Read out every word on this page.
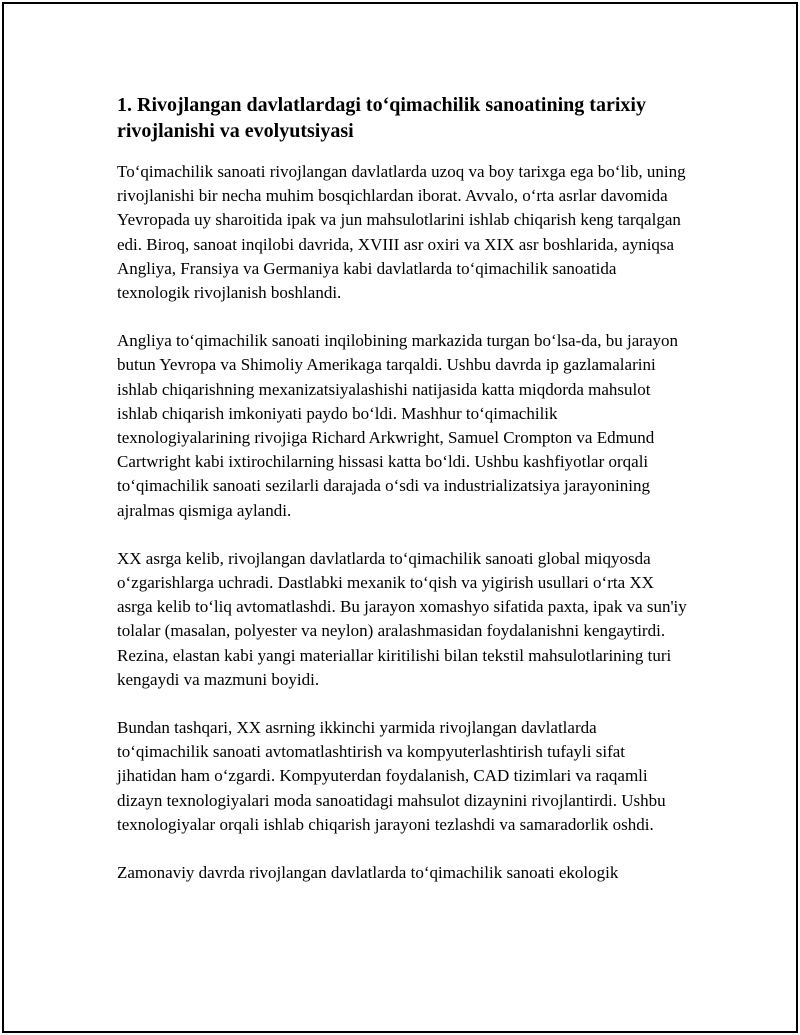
1. Rivojlangan davlatlardagi to‘qimachilik sanoatining tarixiy rivojlanishi va evolyutsiyasi

To‘qimachilik sanoati rivojlangan davlatlarda uzoq va boy tarixga ega bo‘lib, uning rivojlanishi bir necha muhim bosqichlardan iborat. Avvalo, o‘rta asrlar davomida Yevropada uy sharoitida ipak va jun mahsulotlarini ishlab chiqarish keng tarqalgan edi. Biroq, sanoat inqilobi davrida, XVIII asr oxiri va XIX asr boshlarida, ayniqsa Angliya, Fransiya va Germaniya kabi davlatlarda to‘qimachilik sanoatida texnologik rivojlanish boshlandi.

Angliya to‘qimachilik sanoati inqilobining markazida turgan bo‘lsa-da, bu jarayon butun Yevropa va Shimoliy Amerikaga tarqaldi. Ushbu davrda ip gazlamalarini ishlab chiqarishning mexanizatsiyalashishi natijasida katta miqdorda mahsulot ishlab chiqarish imkoniyati paydo bo‘ldi. Mashhur to‘qimachilik texnologiyalarining rivojiga Richard Arkwright, Samuel Crompton va Edmund Cartwright kabi ixtirochilarning hissasi katta bo‘ldi. Ushbu kashfiyotlar orqali to‘qimachilik sanoati sezilarli darajada o‘sdi va industrializatsiya jarayonining ajralmas qismiga aylandi.

XX asrga kelib, rivojlangan davlatlarda to‘qimachilik sanoati global miqyosda o‘zgarishlarga uchradi. Dastlabki mexanik to‘qish va yigirish usullari o‘rta XX asrga kelib to‘liq avtomatlashdi. Bu jarayon xomashyo sifatida paxta, ipak va sun'iy tolalar (masalan, polyester va neylon) aralashmasidan foydalanishni kengaytirdi. Rezina, elastan kabi yangi materiallar kiritilishi bilan tekstil mahsulotlarining turi kengaydi va mazmuni boyidi.

Bundan tashqari, XX asrning ikkinchi yarmida rivojlangan davlatlarda to‘qimachilik sanoati avtomatlashtirish va kompyuterlashtirish tufayli sifat jihatidan ham o‘zgardi. Kompyuterdan foydalanish, CAD tizimlari va raqamli dizayn texnologiyalari moda sanoatidagi mahsulot dizaynini rivojlantirdi. Ushbu texnologiyalar orqali ishlab chiqarish jarayoni tezlashdi va samaradorlik oshdi.

Zamonaviy davrda rivojlangan davlatlarda to‘qimachilik sanoati ekologik
